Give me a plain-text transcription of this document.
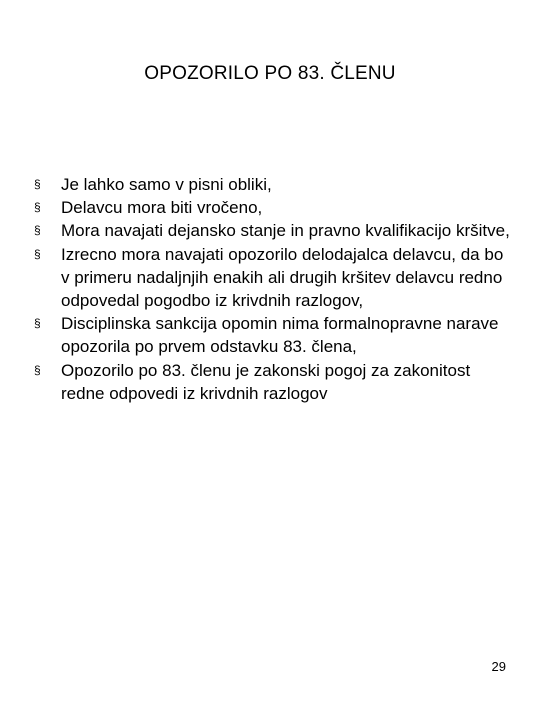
OPOZORILO PO 83. ČLENU
§ Je lahko samo v pisni obliki,
§ Delavcu mora biti vročeno,
§ Mora navajati dejansko stanje in pravno kvalifikacijo kršitve,
§ Izrecno mora navajati opozorilo delodajalca delavcu, da bo v primeru nadaljnjih enakih ali drugih kršitev delavcu redno odpovedal pogodbo iz krivdnih razlogov,
§ Disciplinska sankcija opomin nima formalnopravne narave opozorila po prvem odstavku 83. člena,
§ Opozorilo po 83. členu je zakonski pogoj za zakonitost redne odpovedi iz krivdnih razlogov
29
